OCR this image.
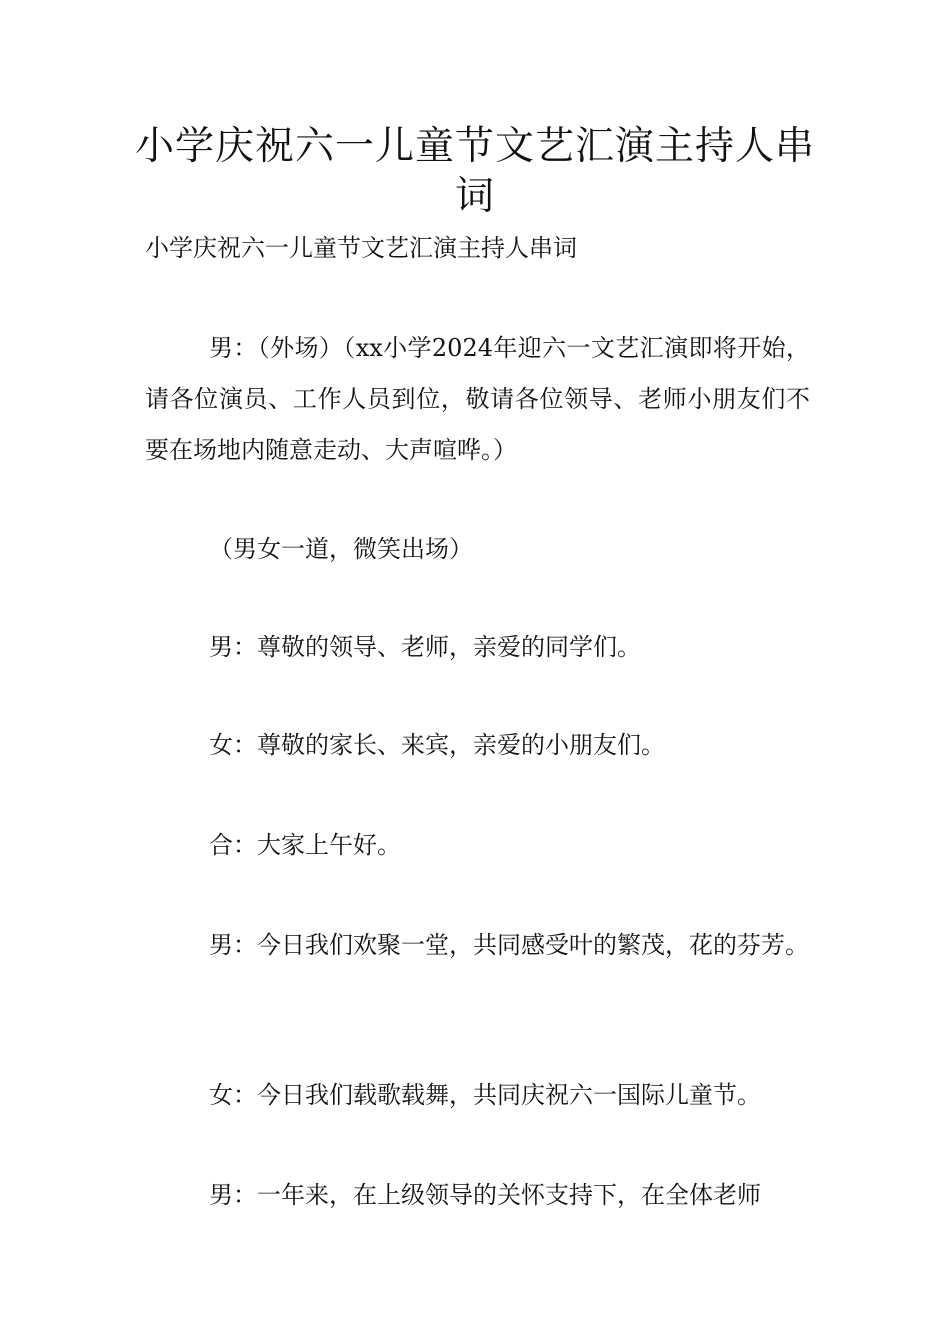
小学庆祝六一儿童节文艺汇演主持人串词
小学庆祝六一儿童节文艺汇演主持人串词

男：（外场）（xx小学2024年迎六一文艺汇演即将开始，请各位演员、工作人员到位，敬请各位领导、老师小朋友们不要在场地内随意走动、大声喧哗。）

（男女一道，微笑出场）

男：尊敬的领导、老师，亲爱的同学们。

女：尊敬的家长、来宾，亲爱的小朋友们。

合：大家上午好。

男：今日我们欢聚一堂，共同感受叶的繁茂，花的芬芳。

女：今日我们载歌载舞，共同庆祝六一国际儿童节。

男：一年来，在上级领导的关怀支持下，在全体老师
